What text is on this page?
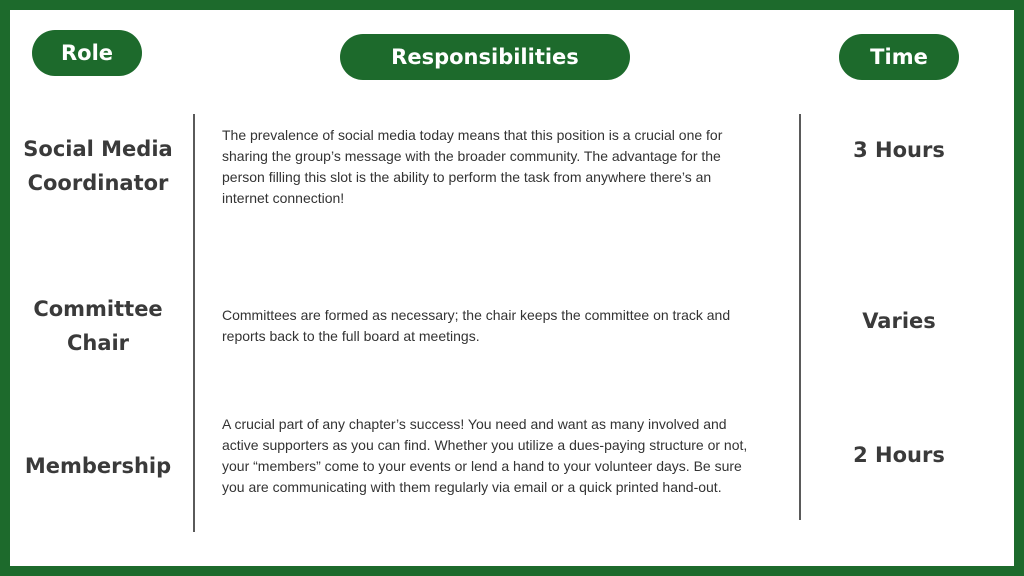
Role	Responsibilities	Time

Social Media Coordinator

The prevalence of social media today means that this position is a crucial one for sharing the group’s message with the broader community. The advantage for the person filling this slot is the ability to perform the task from anywhere there’s an internet connection!

3 Hours

Committee Chair

Committees are formed as necessary; the chair keeps the committee on track and reports back to the full board at meetings.

Varies

Membership

A crucial part of any chapter’s success! You need and want as many involved and active supporters as you can find. Whether you utilize a dues-paying structure or not, your “members” come to your events or lend a hand to your volunteer days. Be sure you are communicating with them regularly via email or a quick printed hand-out.

2 Hours
